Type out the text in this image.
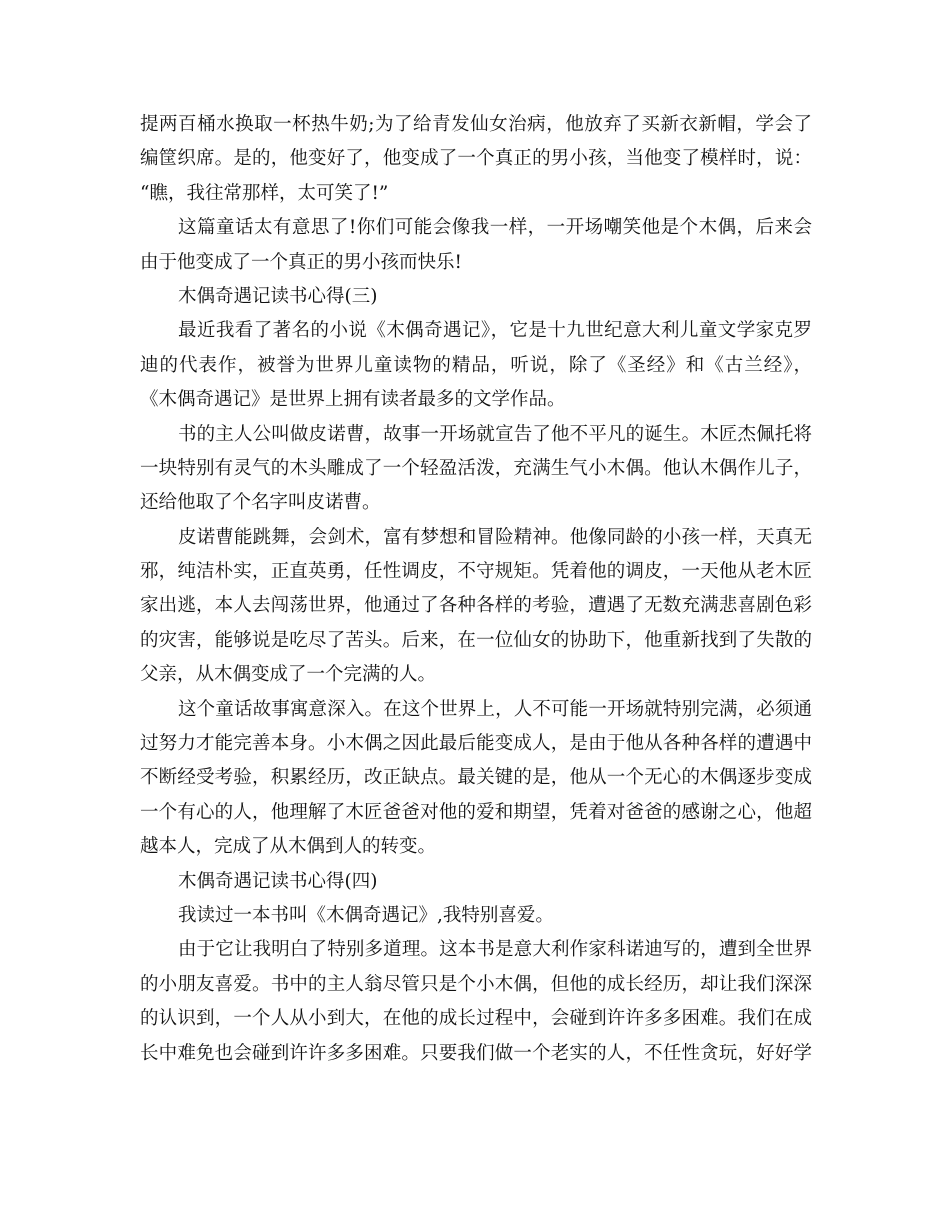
提两百桶水换取一杯热牛奶;为了给青发仙女治病，他放弃了买新衣新帽，学会了
编筐织席。是的，他变好了，他变成了一个真正的男小孩，当他变了模样时，说：
“瞧，我往常那样，太可笑了!”
这篇童话太有意思了!你们可能会像我一样，一开场嘲笑他是个木偶，后来会
由于他变成了一个真正的男小孩而快乐!
木偶奇遇记读书心得(三)
最近我看了著名的小说《木偶奇遇记》，它是十九世纪意大利儿童文学家克罗
迪的代表作，被誉为世界儿童读物的精品，听说，除了《圣经》和《古兰经》，
《木偶奇遇记》是世界上拥有读者最多的文学作品。
书的主人公叫做皮诺曹，故事一开场就宣告了他不平凡的诞生。木匠杰佩托将
一块特别有灵气的木头雕成了一个轻盈活泼，充满生气小木偶。他认木偶作儿子，
还给他取了个名字叫皮诺曹。
皮诺曹能跳舞，会剑术，富有梦想和冒险精神。他像同龄的小孩一样，天真无
邪，纯洁朴实，正直英勇，任性调皮，不守规矩。凭着他的调皮，一天他从老木匠
家出逃，本人去闯荡世界，他通过了各种各样的考验，遭遇了无数充满悲喜剧色彩
的灾害，能够说是吃尽了苦头。后来，在一位仙女的协助下，他重新找到了失散的
父亲，从木偶变成了一个完满的人。
这个童话故事寓意深入。在这个世界上，人不可能一开场就特别完满，必须通
过努力才能完善本身。小木偶之因此最后能变成人，是由于他从各种各样的遭遇中
不断经受考验，积累经历，改正缺点。最关键的是，他从一个无心的木偶逐步变成
一个有心的人，他理解了木匠爸爸对他的爱和期望，凭着对爸爸的感谢之心，他超
越本人，完成了从木偶到人的转变。
木偶奇遇记读书心得(四)
我读过一本书叫《木偶奇遇记》,我特别喜爱。
由于它让我明白了特别多道理。这本书是意大利作家科诺迪写的，遭到全世界
的小朋友喜爱。书中的主人翁尽管只是个小木偶，但他的成长经历，却让我们深深
的认识到，一个人从小到大，在他的成长过程中，会碰到许许多多困难。我们在成
长中难免也会碰到许许多多困难。只要我们做一个老实的人，不任性贪玩，好好学
